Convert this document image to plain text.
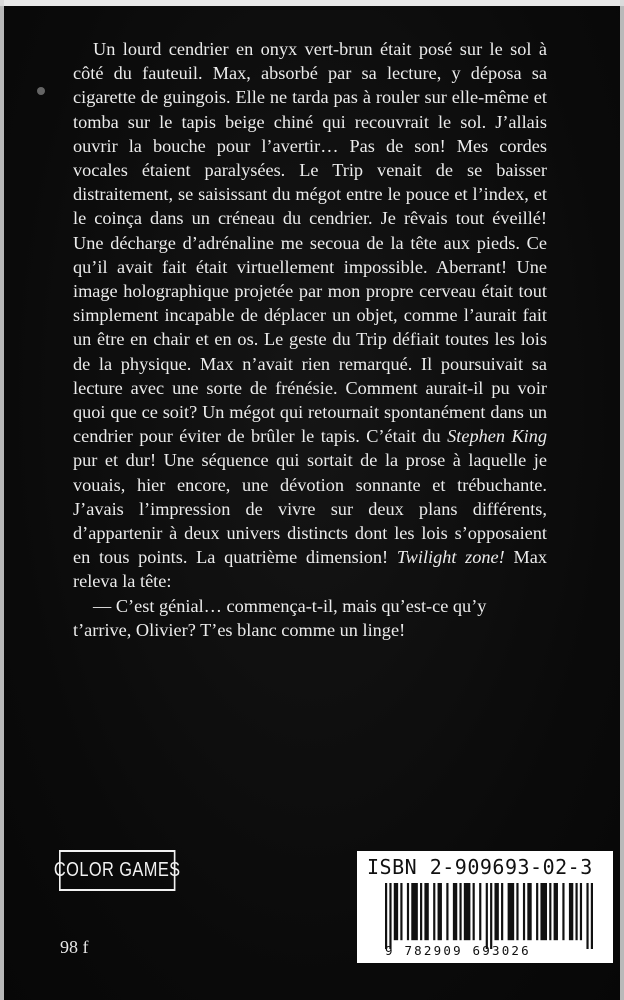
Un lourd cendrier en onyx vert-brun était posé sur le sol à côté du fauteuil. Max, absorbé par sa lecture, y déposa sa cigarette de guingois. Elle ne tarda pas à rouler sur elle-même et tomba sur le tapis beige chiné qui recouvrait le sol. J’allais ouvrir la bouche pour l’avertir… Pas de son! Mes cordes vocales étaient paralysées. Le Trip venait de se baisser distraitement, se saisissant du mégot entre le pouce et l’index, et le coinça dans un créneau du cendrier. Je rêvais tout éveillé! Une décharge d’adrénaline me secoua de la tête aux pieds. Ce qu’il avait fait était virtuellement impossible. Aberrant! Une image holographique projetée par mon propre cerveau était tout simplement incapable de déplacer un objet, comme l’aurait fait un être en chair et en os. Le geste du Trip défiait toutes les lois de la physique. Max n’avait rien remarqué. Il poursuivait sa lecture avec une sorte de frénésie. Comment aurait-il pu voir quoi que ce soit? Un mégot qui retournait spontanément dans un cendrier pour éviter de brûler le tapis. C’était du Stephen King pur et dur! Une séquence qui sortait de la prose à laquelle je vouais, hier encore, une dévotion sonnante et trébuchante. J’avais l’impression de vivre sur deux plans différents, d’appartenir à deux univers distincts dont les lois s’opposaient en tous points. La quatrième dimension! Twilight zone! Max releva la tête:

— C’est génial… commença-t-il, mais qu’est-ce qu’y t’arrive, Olivier? T’es blanc comme un linge!

COLOR GAMES
98 f
ISBN 2-909693-02-3
9 782909 693026
